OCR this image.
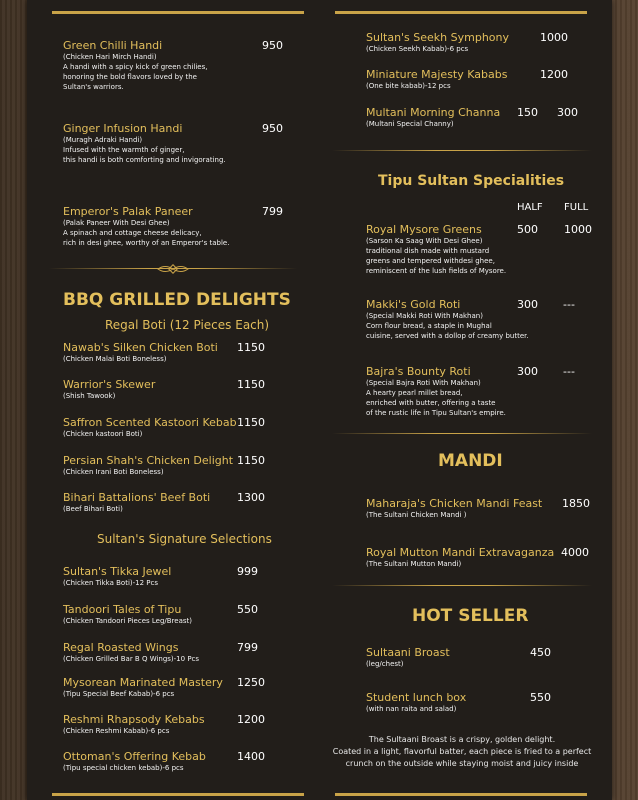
Green Chilli Handi
(Chicken Hari Mirch Handi)
A handi with a spicy kick of green chilies,
honoring the bold flavors loved by the
Sultan's warriors.
950
Ginger Infusion Handi
(Muragh Adraki Handi)
Infused with the warmth of ginger,
this handi is both comforting and invigorating.
950
Emperor's Palak Paneer
(Palak Paneer With Desi Ghee)
A spinach and cottage cheese delicacy,
rich in desi ghee, worthy of an Emperor's table.
799
BBQ GRILLED DELIGHTS
Regal Boti (12 Pieces Each)
Nawab's Silken Chicken Boti
(Chicken Malai Boti Boneless)
1150
Warrior's Skewer
(Shish Tawook)
1150
Saffron Scented Kastoori Kebab
(Chicken kastoori Boti)
1150
Persian Shah's Chicken Delight
(Chicken Irani Boti Boneless)
1150
Bihari Battalions' Beef Boti
(Beef Bihari Boti)
1300
Sultan's Signature Selections
Sultan's Tikka Jewel
(Chicken Tikka Boti)-12 Pcs
999
Tandoori Tales of Tipu
(Chicken Tandoori Pieces Leg/Breast)
550
Regal Roasted Wings
(Chicken Grilled Bar B Q Wings)-10 Pcs
799
Mysorean Marinated Mastery
(Tipu Special Beef Kabab)-6 pcs
1250
Reshmi Rhapsody Kebabs
(Chicken Reshmi Kabab)-6 pcs
1200
Ottoman's Offering Kebab
(Tipu special chicken kebab)-6 pcs
1400
Sultan's Seekh Symphony
(Chicken Seekh Kabab)-6 pcs
1000
Miniature Majesty Kababs
(One bite kabab)-12 pcs
1200
Multani Morning Channa
(Multani Special Channy)
150 300
Tipu Sultan Specialities
HALF FULL
Royal Mysore Greens
(Sarson Ka Saag With Desi Ghee)
traditional dish made with mustard
greens and tempered withdesi ghee,
reminiscent of the lush fields of Mysore.
500 1000
Makki's Gold Roti
(Special Makki Roti With Makhan)
Corn flour bread, a staple in Mughal
cuisine, served with a dollop of creamy butter.
300 ---
Bajra's Bounty Roti
(Special Bajra Roti With Makhan)
A hearty pearl millet bread,
enriched with butter, offering a taste
of the rustic life in Tipu Sultan's empire.
300 ---
MANDI
Maharaja's Chicken Mandi Feast
(The Sultani Chicken Mandi )
1850
Royal Mutton Mandi Extravaganza
(The Sultani Mutton Mandi)
4000
HOT SELLER
Sultaani Broast
(leg/chest)
450
Student lunch box
(with nan raita and salad)
550
The Sultaani Broast is a crispy, golden delight.
Coated in a light, flavorful batter, each piece is fried to a perfect
crunch on the outside while staying moist and juicy inside
